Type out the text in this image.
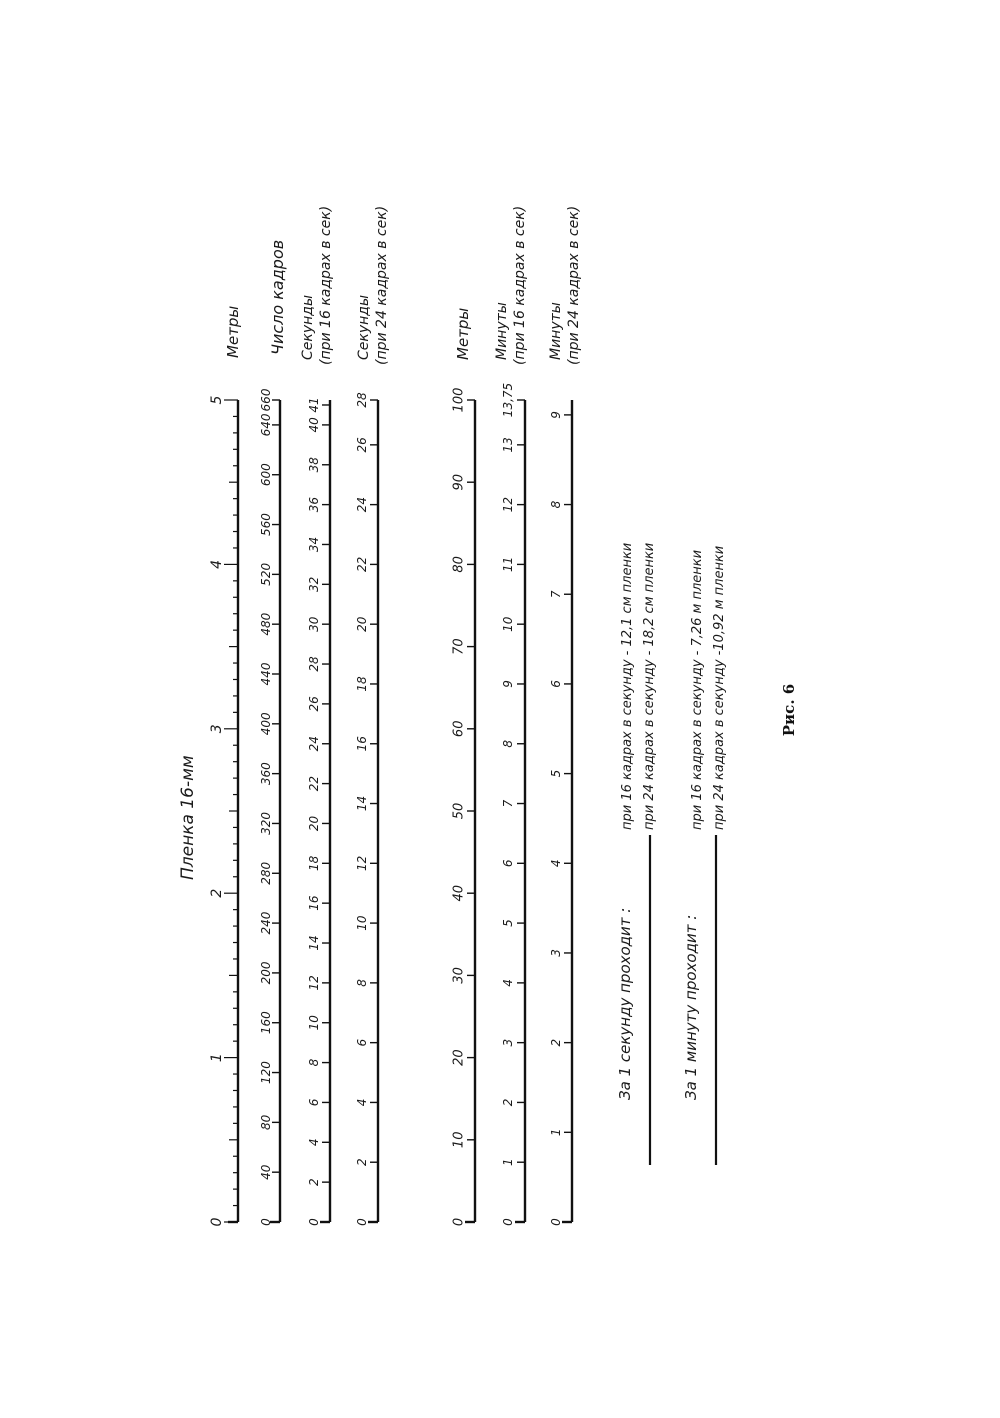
0
1
2
3
4
5
0
40
80
120
160
200
240
280
320
360
400
440
480
520
560
600
640
660
0
2
4
6
8
10
12
14
16
18
20
22
24
26
28
30
32
34
36
38
40
41
0
2
4
6
8
10
12
14
16
18
20
22
24
26
28
0
10
20
30
40
50
60
70
80
90
100
0
1
2
3
4
5
6
7
8
9
10
11
12
13
13,75
0
1
2
3
4
5
6
7
8
9
Пленка 16-мм
Метры Число кадров Секунды (при 16 кадрах в сек) Секунды (при 24 кадрах в сек)	Метры Минуты (при 16 кадрах в сек) Минуты (при 24 кадрах в сек)
За 1 секунду проходит :
при 16 кадрах в секунду - 12,1 см пленки при 24 кадрах в секунду - 18,2 см пленки
За 1 минуту проходит :
при 16 кадрах в секунду - 7,26 м пленки при 24 кадрах в секунду -10,92 м пленки	Рис. 6
